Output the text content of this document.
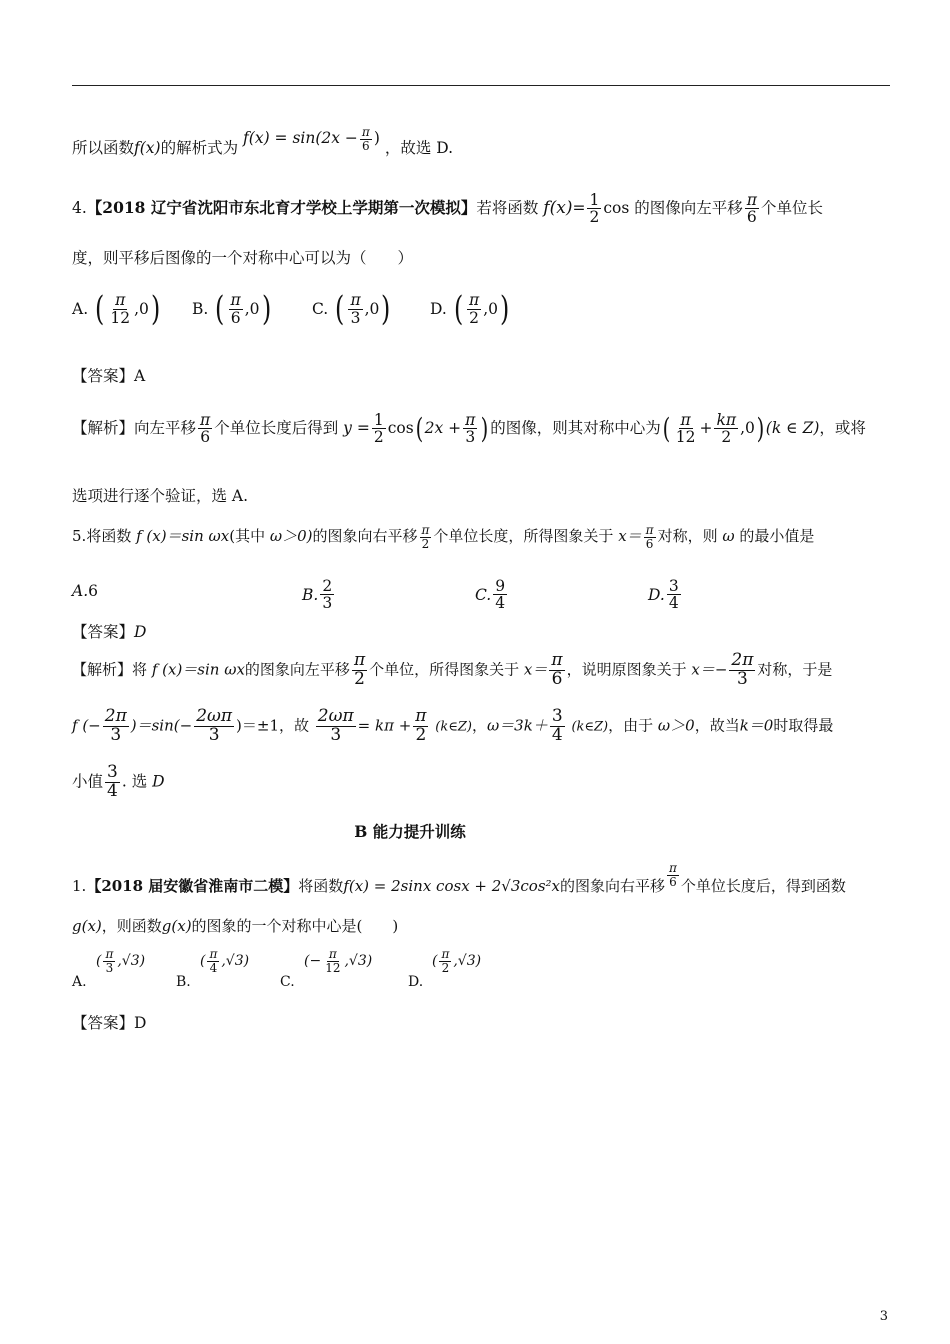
所以函数f(x)的解析式为 $f(x) = \sin(2x - \frac{\pi}{6}$ ) ，故选 D.
4.【2018 辽宁省沈阳市东北育才学校上学期第一次模拟】若将函数 $f(x)= \frac{1}{2}$ cos 的图像向左平移 $\frac{\pi}{6}$ 个单位长
度，则平移后图像的一个对称中心可以为（　　）
A.
( $\frac{\pi}{12} ,0$ ) B.
( $\frac{\pi}{6} ,0$ )	C.
( $\frac{\pi}{3} ,0$ )	D.
( $\frac{\pi}{2} ,0$ )
【答案】A
【解析】向左平移 $\frac{\pi}{6}$ 个单位长度后得到 $y = \frac{1}{2} \cos$( $2x + \frac{\pi}{3}$ ) 的图像，则其对称中心为( $\frac{\pi}{12} + \frac{k\pi}{2} ,0$) (k ∈ Z)，或将
选项进行逐个验证，选 A.
5.将函数 f (x)＝sin ωx(其中 ω＞0)的图象向右平移 $\frac{\pi}{2}$ 个单位长度，所得图象关于 $x= \frac{\pi}{6}$ 对称，则 ω 的最小值是
A. 6	B. $\frac{2}{3}$	C. $\frac{9}{4}$	D. $\frac{3}{4}$
【答案】D
【解析】将 f (x)＝sin ωx的图象向左平移 $\frac{\pi}{2}$ 个单位，所得图象关于 $x= \frac{\pi}{6}$ ，说明原图象关于 $x=- \frac{2\pi}{3}$ 对称，于是
f (− $\frac{2\pi}{3} )=\sin(- \frac{2\omega\pi}{3} )=\pm 1$，故 $\frac{2\omega\pi}{3} = k\pi + \frac{\pi}{2}$ (k∈Z)，$\omega=3k+ \frac{3}{4}$ (k∈Z)，由于 ω＞0，故当k＝0时取得最
小值 $\frac{3}{4}$ . 选 D
B 能力提升训练
1.【2018 届安徽省淮南市二模】将函数f(x) = 2sinx cosx + 2√3cos²x的图象向右平移 $\frac{\pi}{6}$ 个单位长度后，得到函数
g(x)，则函数g(x)的图象的一个对称中心是(　　)
A.
( $\frac{\pi}{3} ,√3$)
B.
( $\frac{\pi}{4} ,√3$)
C.
(− $\frac{\pi}{12} ,√3$)
D.
( $\frac{\pi}{2} ,√3$)
【答案】D
3
